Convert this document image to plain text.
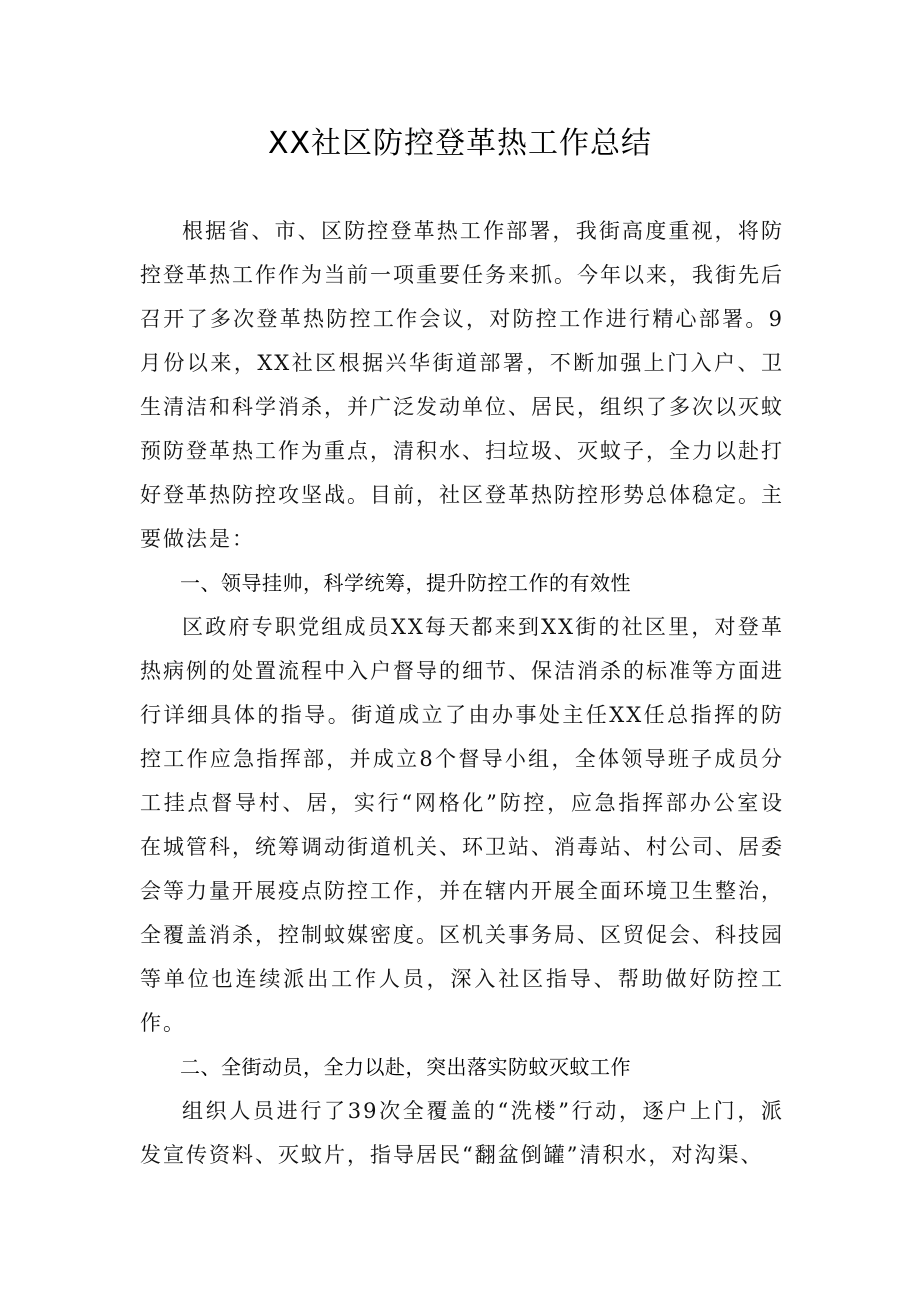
XX社区防控登革热工作总结

根据省、市、区防控登革热工作部署，我街高度重视，将防控登革热工作作为当前一项重要任务来抓。今年以来，我街先后召开了多次登革热防控工作会议，对防控工作进行精心部署。9月份以来，XX社区根据兴华街道部署，不断加强上门入户、卫生清洁和科学消杀，并广泛发动单位、居民，组织了多次以灭蚊预防登革热工作为重点，清积水、扫垃圾、灭蚊子，全力以赴打好登革热防控攻坚战。目前，社区登革热防控形势总体稳定。主要做法是：

一、领导挂帅，科学统筹，提升防控工作的有效性

区政府专职党组成员XX每天都来到XX街的社区里，对登革热病例的处置流程中入户督导的细节、保洁消杀的标准等方面进行详细具体的指导。街道成立了由办事处主任XX任总指挥的防控工作应急指挥部，并成立8个督导小组，全体领导班子成员分工挂点督导村、居，实行“网格化”防控，应急指挥部办公室设在城管科，统筹调动街道机关、环卫站、消毒站、村公司、居委会等力量开展疫点防控工作，并在辖内开展全面环境卫生整治，全覆盖消杀，控制蚊媒密度。区机关事务局、区贸促会、科技园等单位也连续派出工作人员，深入社区指导、帮助做好防控工作。

二、全街动员，全力以赴，突出落实防蚊灭蚊工作

组织人员进行了39次全覆盖的“洗楼”行动，逐户上门，派发宣传资料、灭蚊片，指导居民“翻盆倒罐”清积水，对沟渠、
